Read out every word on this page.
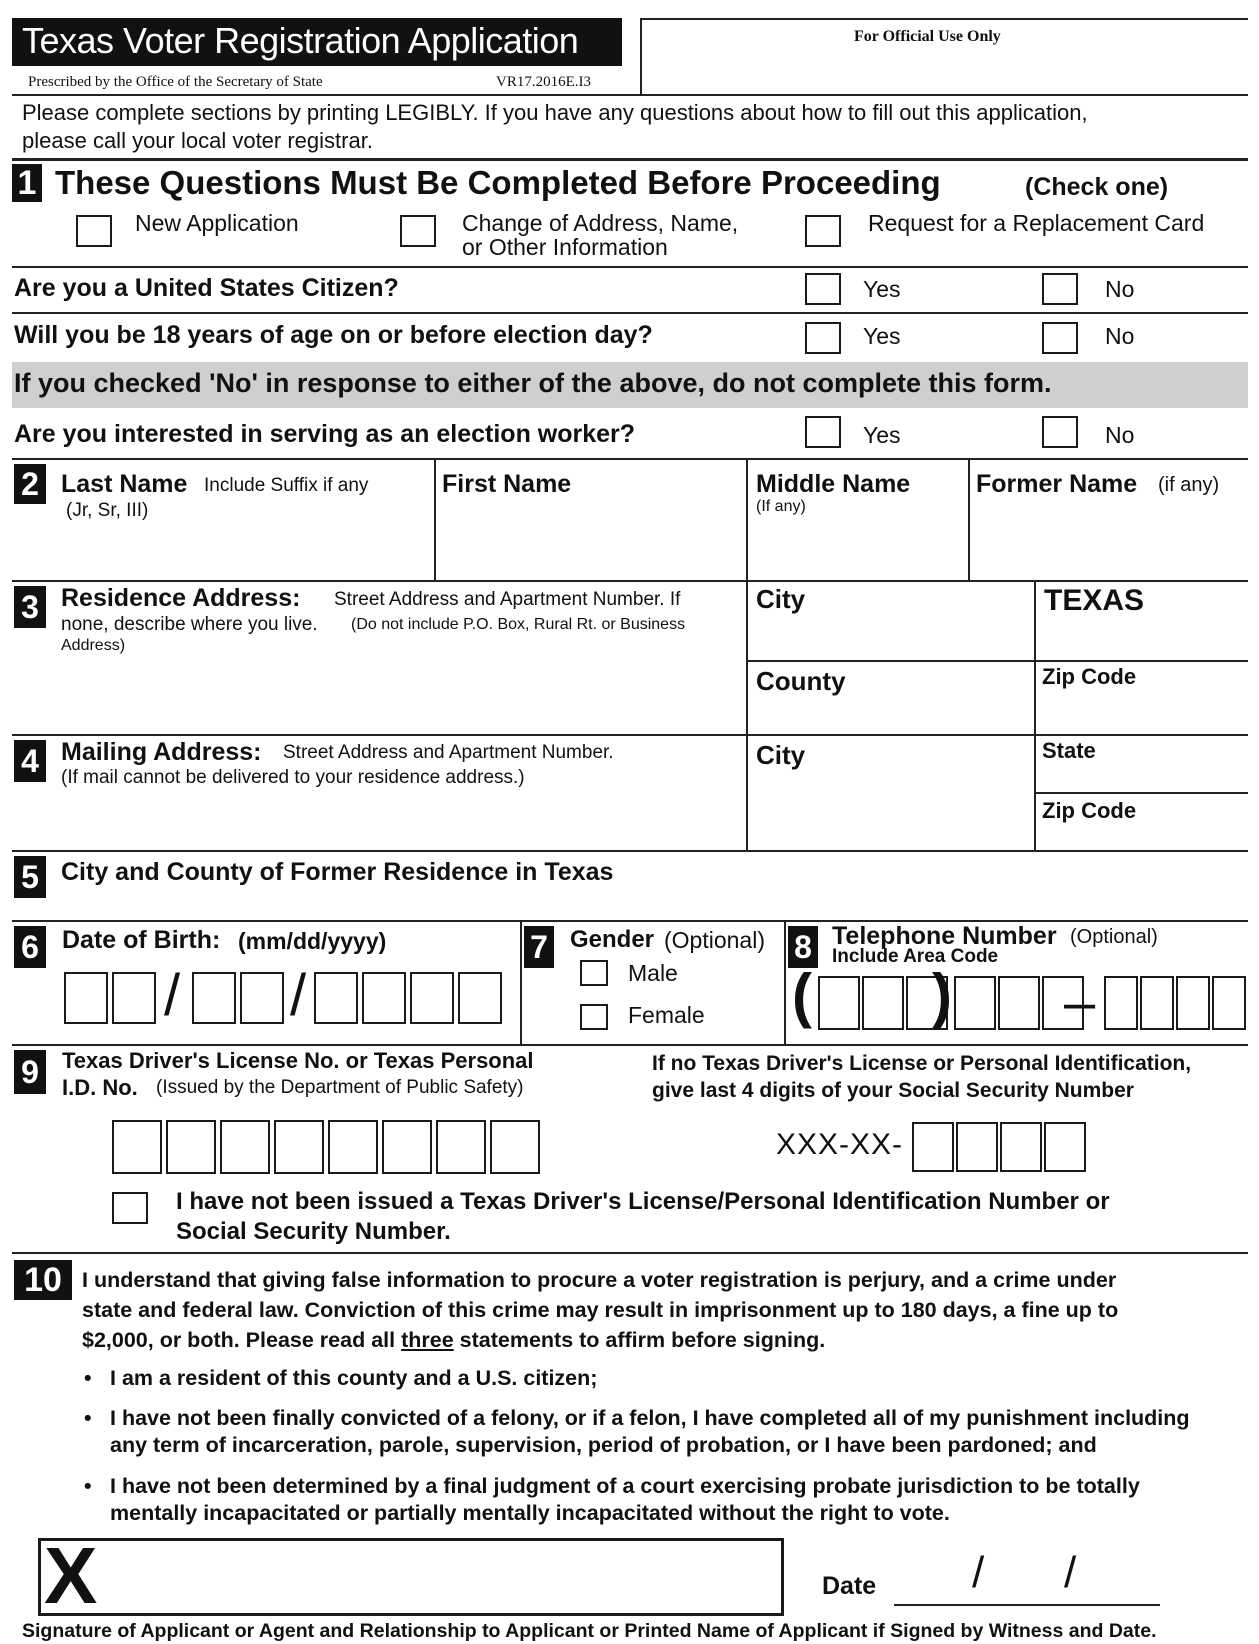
Texas Voter Registration Application
Prescribed by the Office of the Secretary of State	VR17.2016E.I3
For Official Use Only
Please complete sections by printing LEGIBLY. If you have any questions about how to fill out this application,
please call your local voter registrar.
1 These Questions Must Be Completed Before Proceeding	(Check one)
New Application	Change of Address, Name,
or Other Information
Request for a Replacement Card
Are you a United States Citizen?	Yes	No
Will you be 18 years of age on or before election day?	Yes	No
If you checked 'No' in response to either of the above, do not complete this form.
Are you interested in serving as an election worker?	Yes	No
2 Last Name Include Suffix if any
(Jr, Sr, III)
First Name	Middle Name
(If any)
Former Name (if any)
3 Residence Address: Street Address and Apartment Number. If
none, describe where you live. (Do not include P.O. Box, Rural Rt. or Business
Address)
City	TEXAS
County	Zip Code
4 Mailing Address: Street Address and Apartment Number.
(If mail cannot be delivered to your residence address.)
City	State
Zip Code
5 City and County of Former Residence in Texas
6 Date of Birth: (mm/dd/yyyy)
/ /
7 Gender (Optional)
Male
Female
8 Telephone Number (Optional)
Include Area Code
( ) –
9	Texas Driver's License No. or Texas Personal
I.D. No. (Issued by the Department of Public Safety)
If no Texas Driver's License or Personal Identification,
give last 4 digits of your Social Security Number
XXX-XX-
I have not been issued a Texas Driver's License/Personal Identification Number or
Social Security Number.
10 I understand that giving false information to procure a voter registration is perjury, and a crime under
state and federal law. Conviction of this crime may result in imprisonment up to 180 days, a fine up to
$2,000, or both. Please read all three statements to affirm before signing.
• I am a resident of this county and a U.S. citizen;
• I have not been finally convicted of a felony, or if a felon, I have completed all of my punishment including
any term of incarceration, parole, supervision, period of probation, or I have been pardoned; and
• I have not been determined by a final judgment of a court exercising probate jurisdiction to be totally
mentally incapacitated or partially mentally incapacitated without the right to vote.
X	Date / /
Signature of Applicant or Agent and Relationship to Applicant or Printed Name of Applicant if Signed by Witness and Date.
